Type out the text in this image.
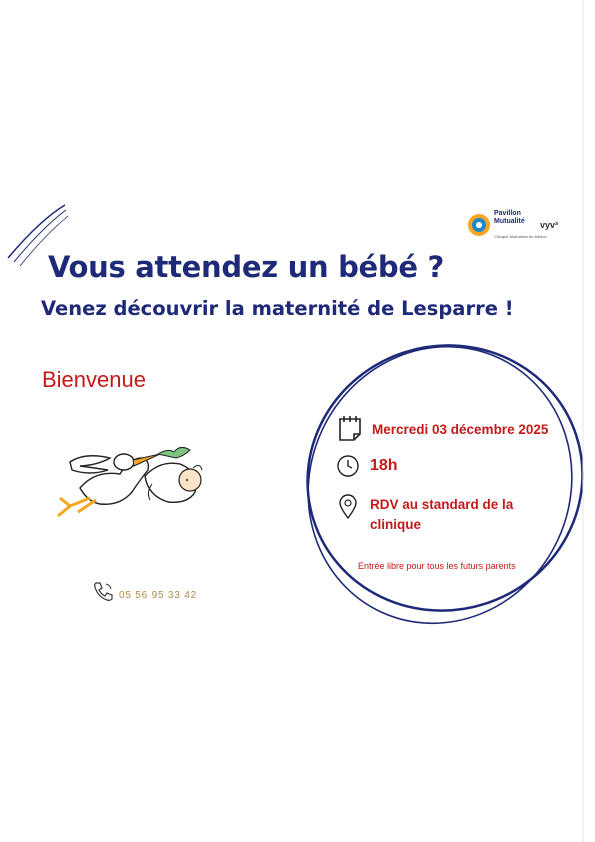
Pavillon
Mutualité vyv³
Clinique Mutualiste du Médoc
Vous attendez un bébé ?
Venez découvrir la maternité de Lesparre !
Bienvenue
Mercredi 03 décembre 2025
18h
RDV au standard de la clinique
Entrée libre pour tous les futurs parents
05 56 95 33 42
